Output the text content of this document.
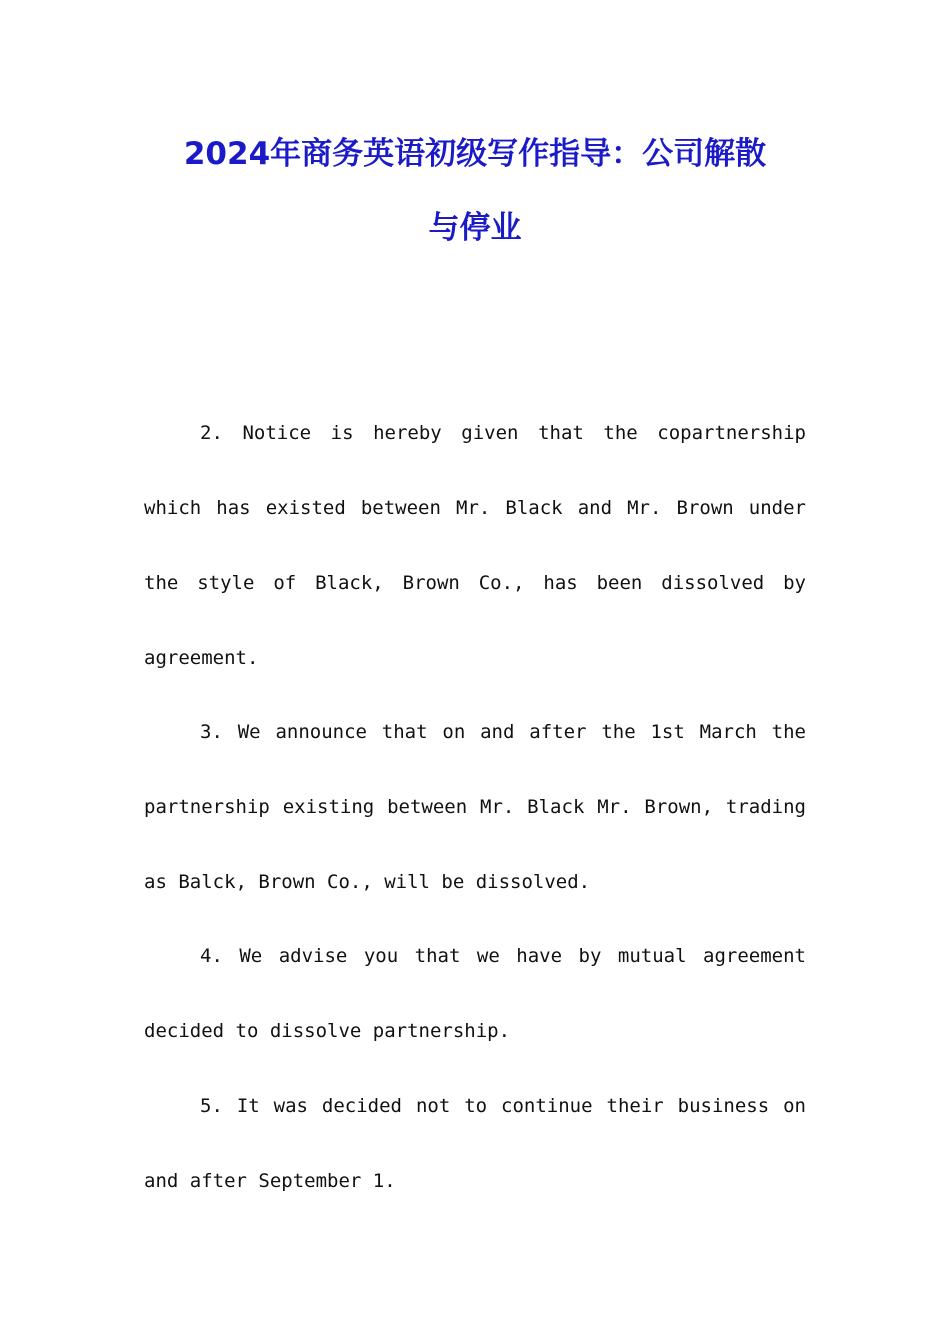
2024年商务英语初级写作指导：公司解散
与停业

2. Notice is hereby given that the copartnership which has existed between Mr. Black and Mr. Brown under the style of Black, Brown Co., has been dissolved by agreement.

3. We announce that on and after the 1st March the partnership existing between Mr. Black Mr. Brown, trading as Balck, Brown Co., will be dissolved.

4. We advise you that we have by mutual agreement decided to dissolve partnership.

5. It was decided not to continue their business on and after September 1.
